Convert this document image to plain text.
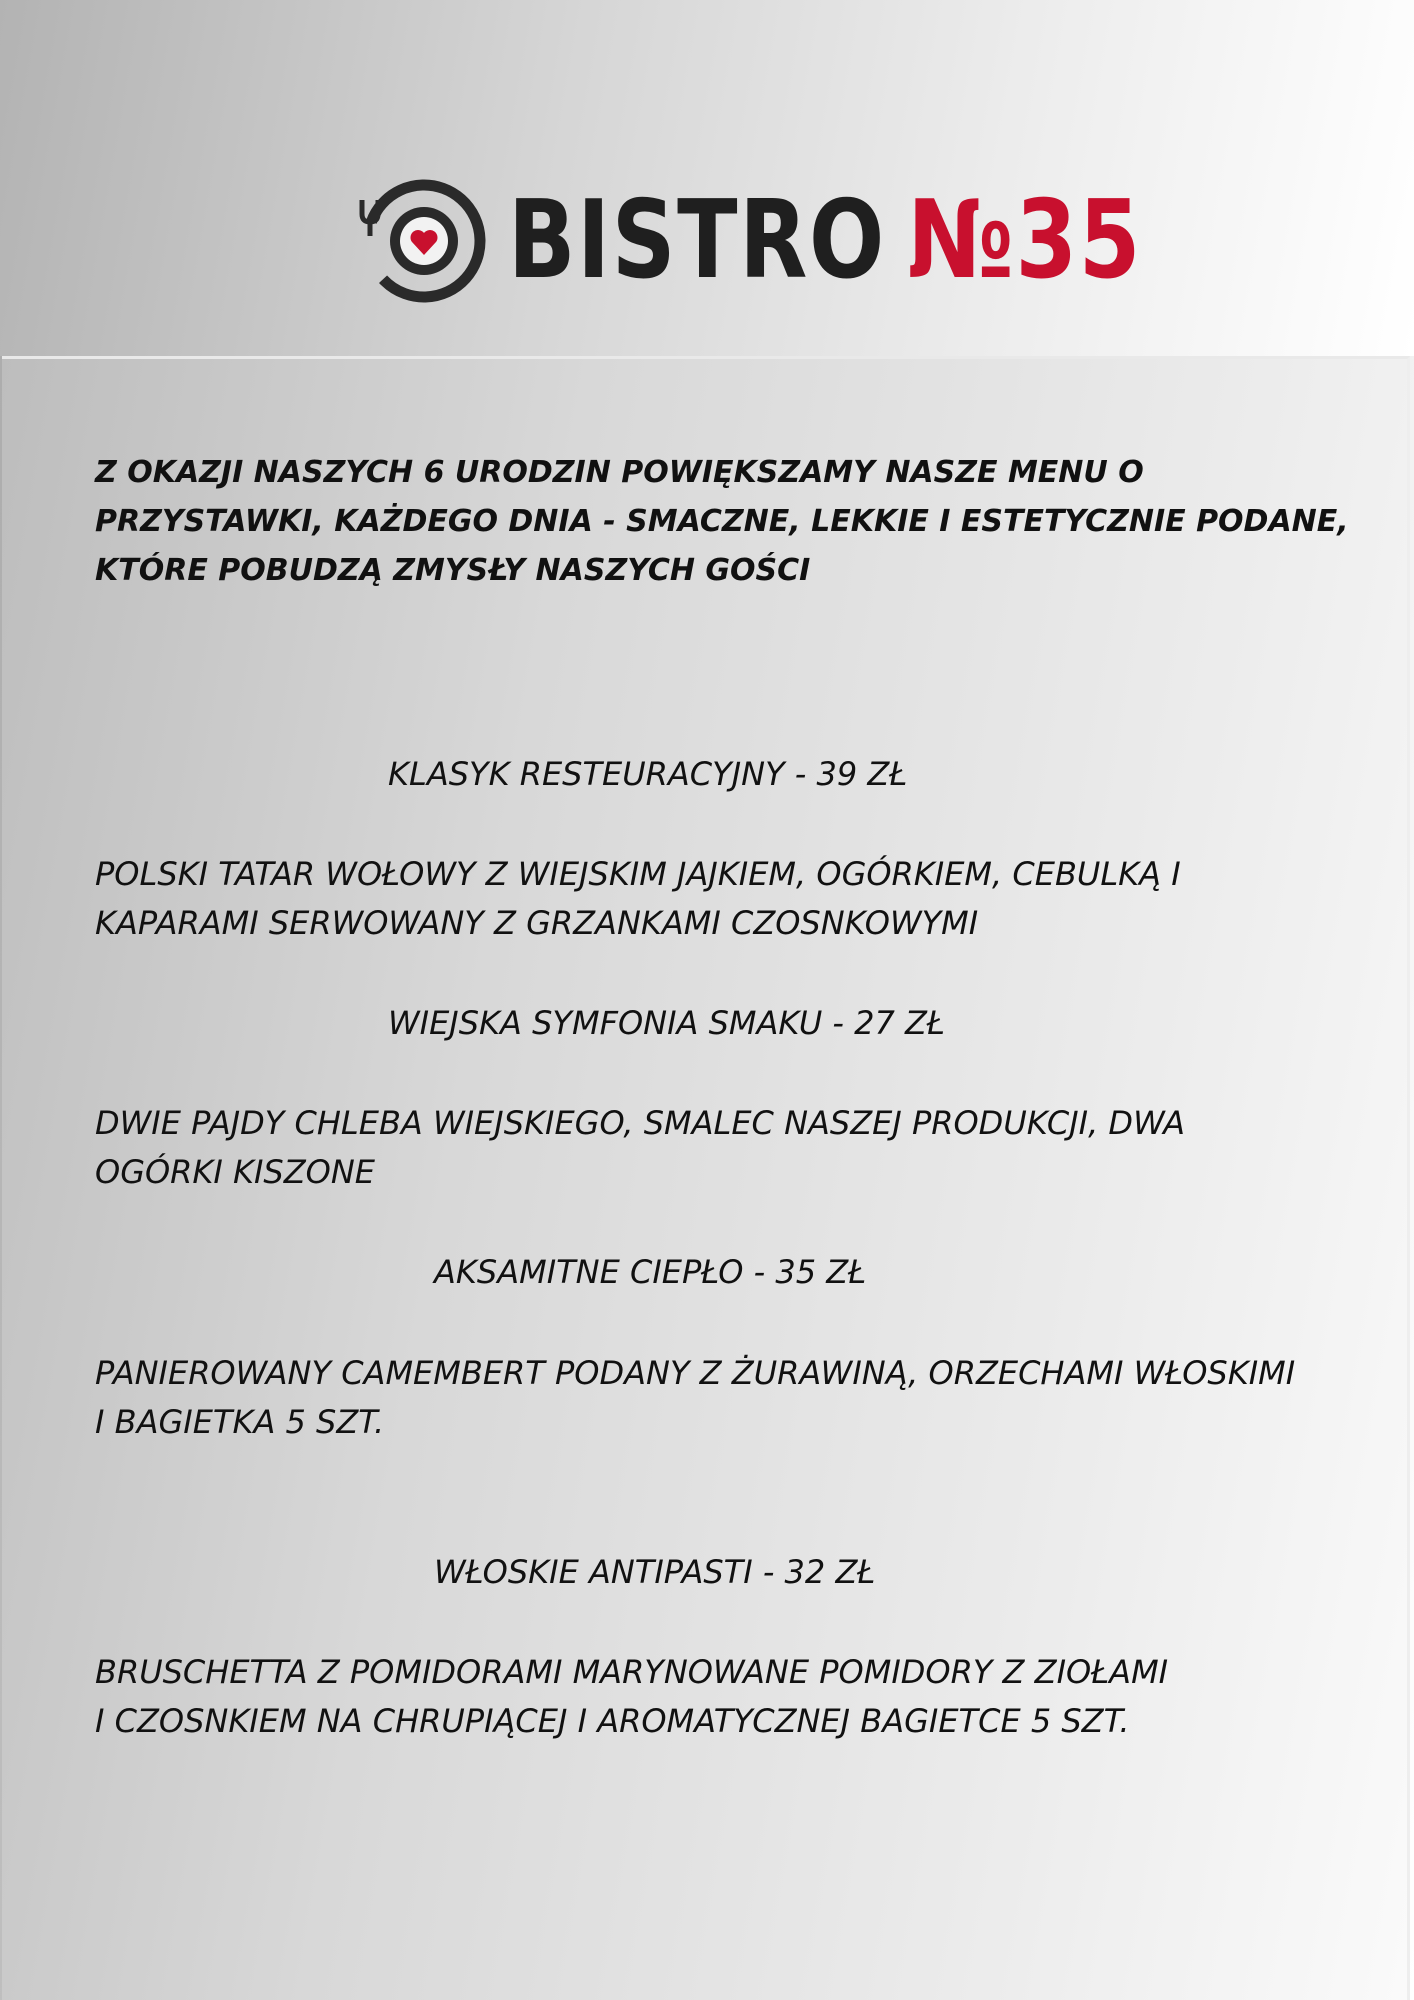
BISTRO №35

Z OKAZJI NASZYCH 6 URODZIN POWIĘKSZAMY NASZE MENU O
PRZYSTAWKI, KAŻDEGO DNIA - SMACZNE, LEKKIE I ESTETYCZNIE PODANE,
KTÓRE POBUDZĄ ZMYSŁY NASZYCH GOŚCI

KLASYK RESTEURACYJNY - 39 ZŁ

POLSKI TATAR WOŁOWY Z WIEJSKIM JAJKIEM, OGÓRKIEM, CEBULKĄ I
KAPARAMI SERWOWANY Z GRZANKAMI CZOSNKOWYMI

WIEJSKA SYMFONIA SMAKU - 27 ZŁ

DWIE PAJDY CHLEBA WIEJSKIEGO, SMALEC NASZEJ PRODUKCJI, DWA
OGÓRKI KISZONE

AKSAMITNE CIEPŁO - 35 ZŁ

PANIEROWANY CAMEMBERT PODANY Z ŻURAWINĄ, ORZECHAMI WŁOSKIMI
I BAGIETKA 5 SZT.

WŁOSKIE ANTIPASTI - 32 ZŁ

BRUSCHETTA Z POMIDORAMI MARYNOWANE POMIDORY Z ZIOŁAMI
I CZOSNKIEM NA CHRUPIĄCEJ I AROMATYCZNEJ BAGIETCE 5 SZT.
